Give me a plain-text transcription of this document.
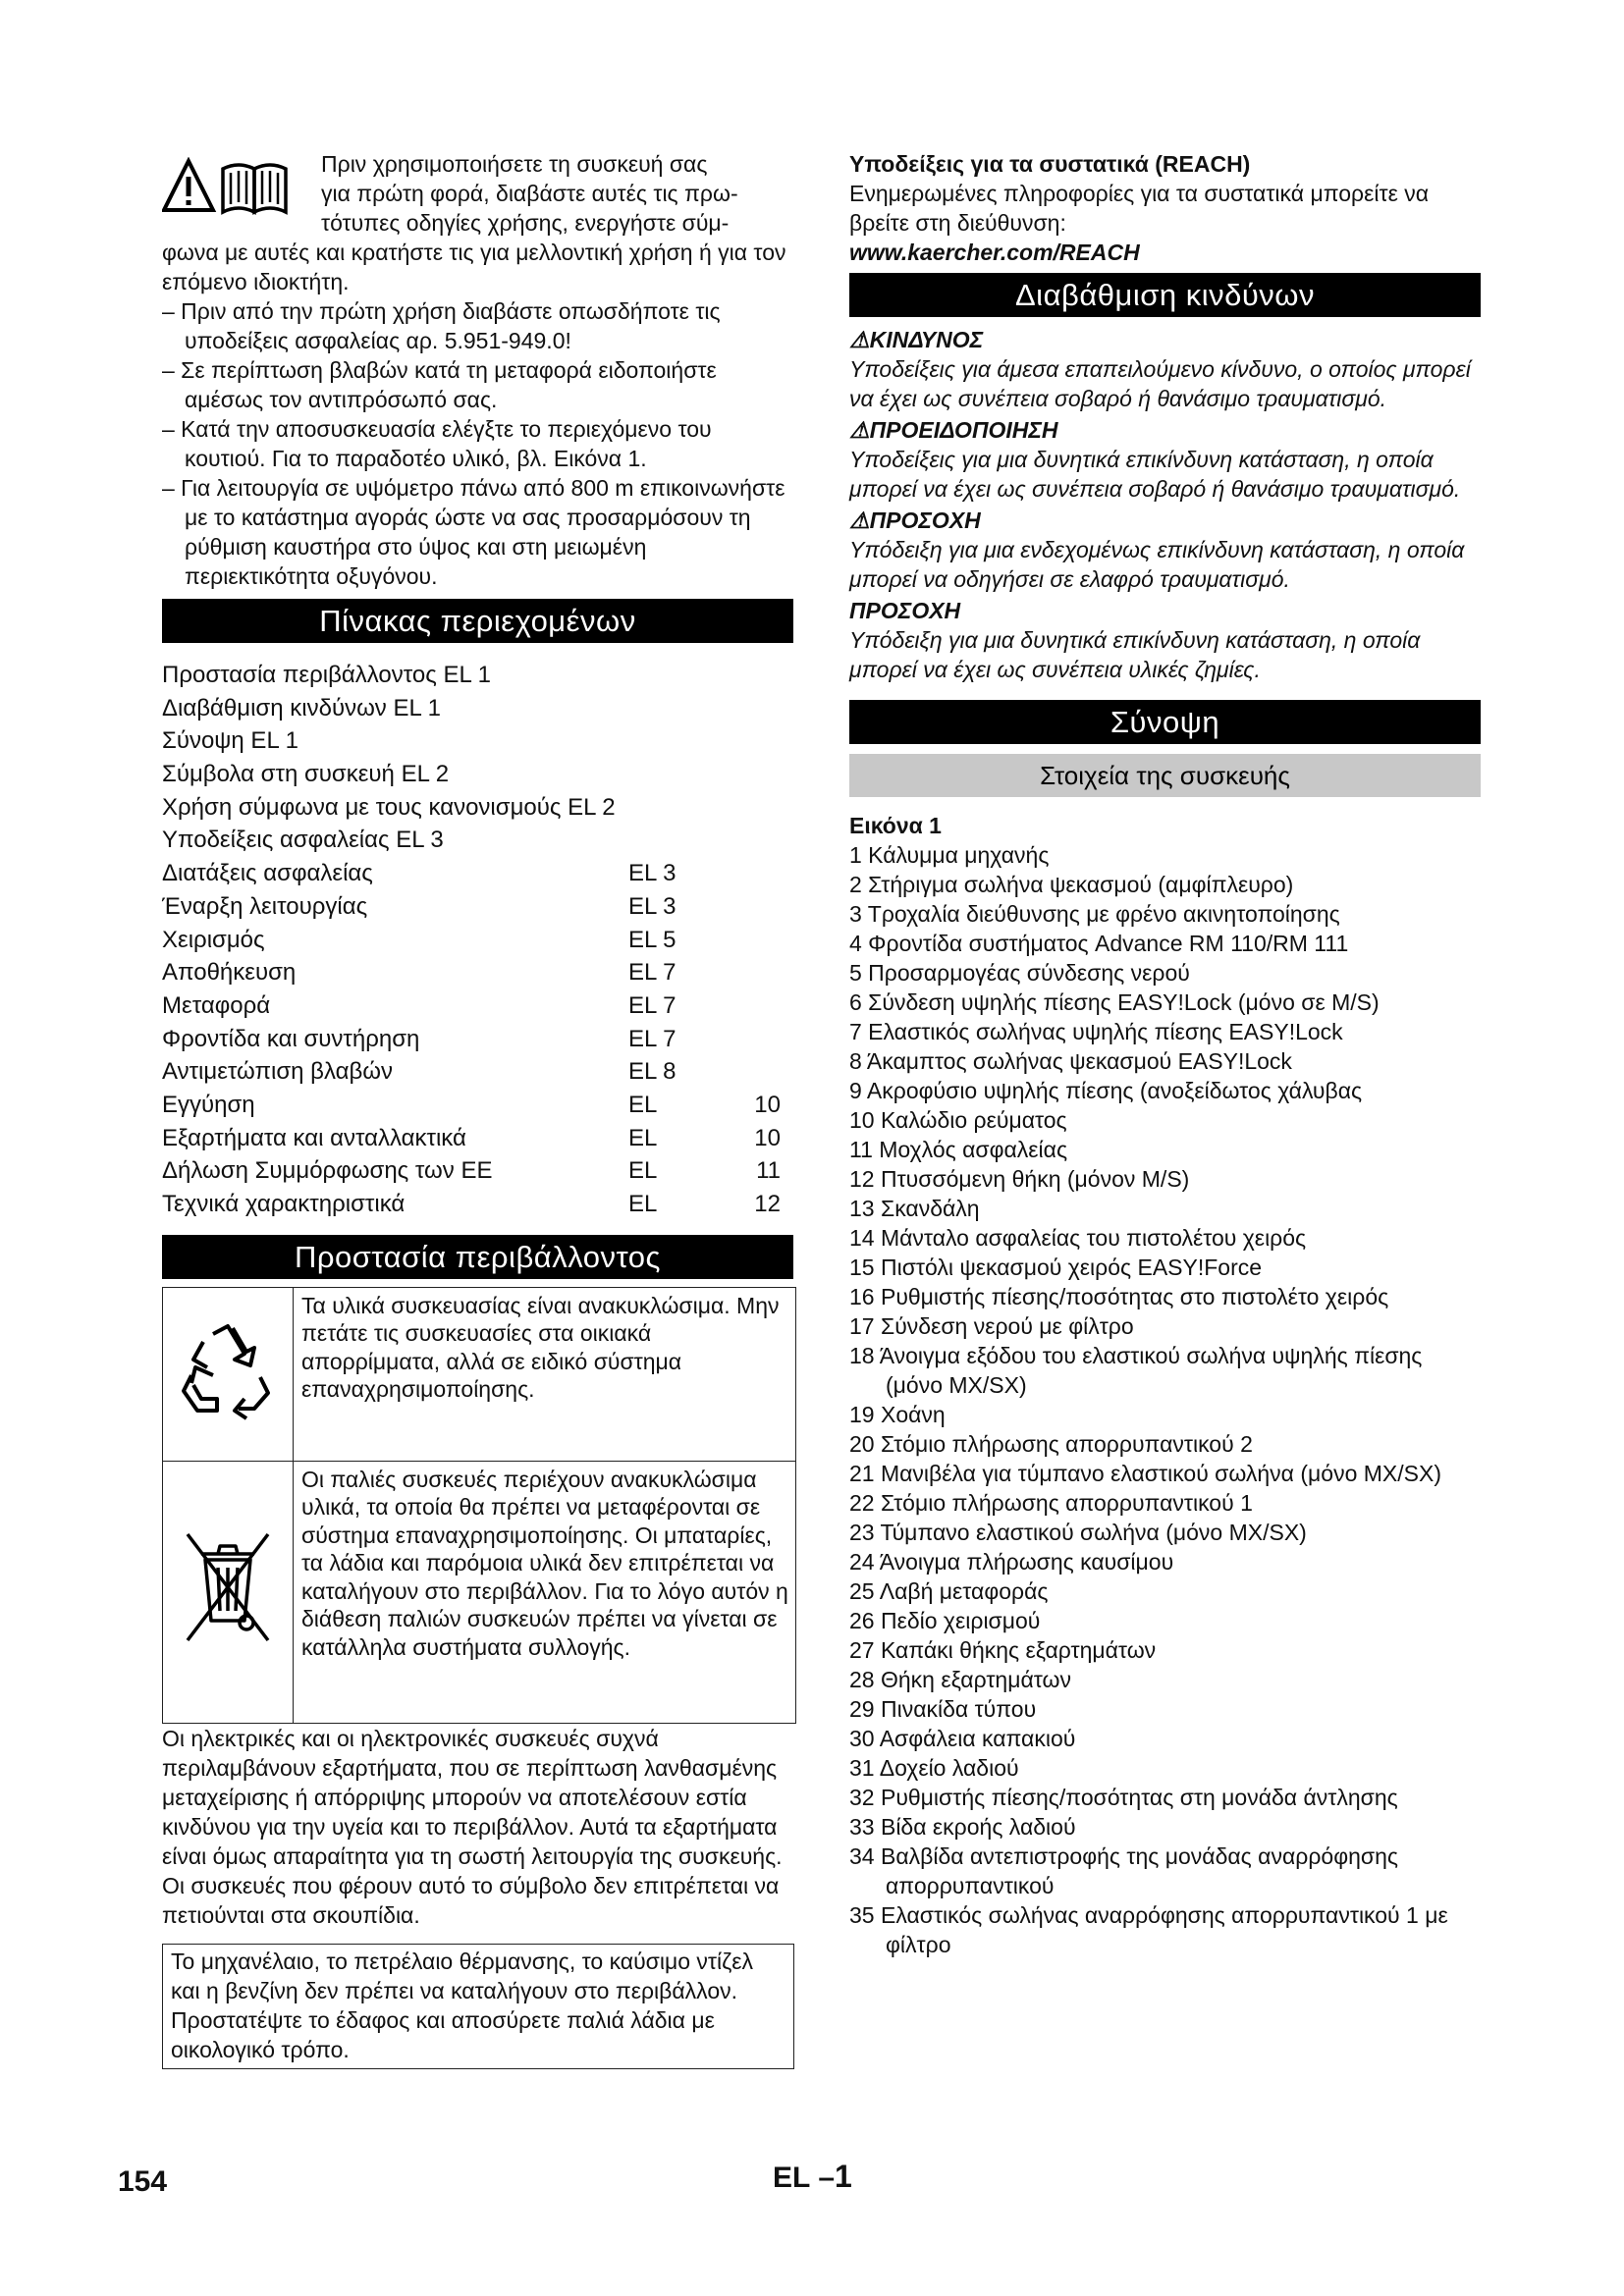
Πριν χρησιμοποιήσετε τη συσκευή σας

για πρώτη φορά, διαβάστε αυτές τις πρω-

τότυπες οδηγίες χρήσης, ενεργήστε σύμ-

φωνα με αυτές και κρατήστε τις για μελλοντική χρήση ή για τον επόμενο ιδιοκτήτη.

– Πριν από την πρώτη χρήση διαβάστε οπωσδήποτε τις υποδείξεις ασφαλείας αρ. 5.951-949.0!

– Σε περίπτωση βλαβών κατά τη μεταφορά ειδοποιήστε αμέσως τον αντιπρόσωπό σας.

– Κατά την αποσυσκευασία ελέγξτε το περιεχόμενο του κουτιού. Για το παραδοτέο υλικό, βλ. Εικόνα 1.

– Για λειτουργία σε υψόμετρο πάνω από 800 m επικοινωνήστε με το κατάστημα αγοράς ώστε να σας προσαρμόσουν τη ρύθμιση καυστήρα στο ύψος και στη μειωμένη περιεκτικότητα οξυγόνου.

Πίνακας περιεχομένων
Προστασία περιβάλλοντος EL 1
Διαβάθμιση κινδύνων EL 1
Σύνοψη EL 1
Σύμβολα στη συσκευή EL 2
Χρήση σύμφωνα με τους κανονισμούς EL 2
Υποδείξεις ασφαλείας EL 3
Διατάξεις ασφαλείας	EL 3
Έναρξη λειτουργίας	EL 3
Χειρισμός	EL 5
Αποθήκευση	EL 7
Μεταφορά	EL 7
Φροντίδα και συντήρηση	EL 7
Αντιμετώπιση βλαβών	EL 8
Εγγύηση	EL	10
Εξαρτήματα και ανταλλακτικά	EL	10
Δήλωση Συμμόρφωσης των ΕΕ	EL	11
Τεχνικά χαρακτηριστικά	EL	12
Προστασία περιβάλλοντος
	Τα υλικά συσκευασίας είναι ανακυκλώσιμα. Μην πετάτε τις συσκευασίες στα οικιακά απορρίμματα, αλλά σε ειδικό σύστημα επαναχρησιμοποίησης.
	Οι παλιές συσκευές περιέχουν ανακυκλώσιμα υλικά, τα οποία θα πρέπει να μεταφέρονται σε σύστημα επαναχρησιμοποίησης. Οι μπαταρίες, τα λάδια και παρόμοια υλικά δεν επιτρέπεται να καταλήγουν στο περιβάλλον. Για το λόγο αυτόν η διάθεση παλιών συσκευών πρέπει να γίνεται σε κατάλληλα συστήματα συλλογής.

Οι ηλεκτρικές και οι ηλεκτρονικές συσκευές συχνά περιλαμβάνουν εξαρτήματα, που σε περίπτωση λανθασμένης μεταχείρισης ή απόρριψης μπορούν να αποτελέσουν εστία κινδύνου για την υγεία και το περιβάλλον. Αυτά τα εξαρτήματα είναι όμως απαραίτητα για τη σωστή λειτουργία της συσκευής. Οι συσκευές που φέρουν αυτό το σύμβολο δεν επιτρέπεται να πετιούνται στα σκουπίδια.

Το μηχανέλαιο, το πετρέλαιο θέρμανσης, το καύσιμο ντίζελ και η βενζίνη δεν πρέπει να καταλήγουν στο περιβάλλον. Προστατέψτε το έδαφος και αποσύρετε παλιά λάδια με οικολογικό τρόπο.

Υποδείξεις για τα συστατικά (REACH)

Ενημερωμένες πληροφορίες για τα συστατικά μπορείτε να βρείτε στη διεύθυνση:

www.kaercher.com/REACH

Διαβάθμιση κινδύνων

⚠ΚΙΝΔΥΝΟΣ

Υποδείξεις για άμεσα επαπειλούμενο κίνδυνο, ο οποίος μπορεί να έχει ως συνέπεια σοβαρό ή θανάσιμο τραυματισμό.

⚠ΠΡΟΕΙΔΟΠΟΙΗΣΗ

Υποδείξεις για μια δυνητικά επικίνδυνη κατάσταση, η οποία μπορεί να έχει ως συνέπεια σοβαρό ή θανάσιμο τραυματισμό.

⚠ΠΡΟΣΟΧΗ

Υπόδειξη για μια ενδεχομένως επικίνδυνη κατάσταση, η οποία μπορεί να οδηγήσει σε ελαφρό τραυματισμό.

ΠΡΟΣΟΧΗ

Υπόδειξη για μια δυνητικά επικίνδυνη κατάσταση, η οποία μπορεί να έχει ως συνέπεια υλικές ζημίες.

Σύνοψη
Στοιχεία της συσκευής

Εικόνα 1

1 Κάλυμμα μηχανής

2 Στήριγμα σωλήνα ψεκασμού (αμφίπλευρο)

3 Τροχαλία διεύθυνσης με φρένο ακινητοποίησης

4 Φροντίδα συστήματος Advance RM 110/RM 111

5 Προσαρμογέας σύνδεσης νερού

6 Σύνδεση υψηλής πίεσης EASY!Lock (μόνο σε M/S)

7 Ελαστικός σωλήνας υψηλής πίεσης EASY!Lock

8 Άκαμπτος σωλήνας ψεκασμού EASY!Lock

9 Ακροφύσιο υψηλής πίεσης (ανοξείδωτος χάλυβας

10 Καλώδιο ρεύματος

11 Μοχλός ασφαλείας

12 Πτυσσόμενη θήκη (μόνον M/S)

13 Σκανδάλη

14 Μάνταλο ασφαλείας του πιστολέτου χειρός

15 Πιστόλι ψεκασμού χειρός EASY!Force

16 Ρυθμιστής πίεσης/ποσότητας στο πιστολέτο χειρός

17 Σύνδεση νερού με φίλτρο

18 Άνοιγμα εξόδου του ελαστικού σωλήνα υψηλής πίεσης (μόνο MX/SX)

19 Χοάνη

20 Στόμιο πλήρωσης απορρυπαντικού 2

21 Μανιβέλα για τύμπανο ελαστικού σωλήνα (μόνο MX/SX)

22 Στόμιο πλήρωσης απορρυπαντικού 1

23 Τύμπανο ελαστικού σωλήνα (μόνο MX/SX)

24 Άνοιγμα πλήρωσης καυσίμου

25 Λαβή μεταφοράς

26 Πεδίο χειρισμού

27 Καπάκι θήκης εξαρτημάτων

28 Θήκη εξαρτημάτων

29 Πινακίδα τύπου

30 Ασφάλεια καπακιού

31 Δοχείο λαδιού

32 Ρυθμιστής πίεσης/ποσότητας στη μονάδα άντλησης

33 Βίδα εκροής λαδιού

34 Βαλβίδα αντεπιστροφής της μονάδας αναρρόφησης απορρυπαντικού

35 Ελαστικός σωλήνας αναρρόφησης απορρυπαντικού 1 με φίλτρο

154	EL –1
